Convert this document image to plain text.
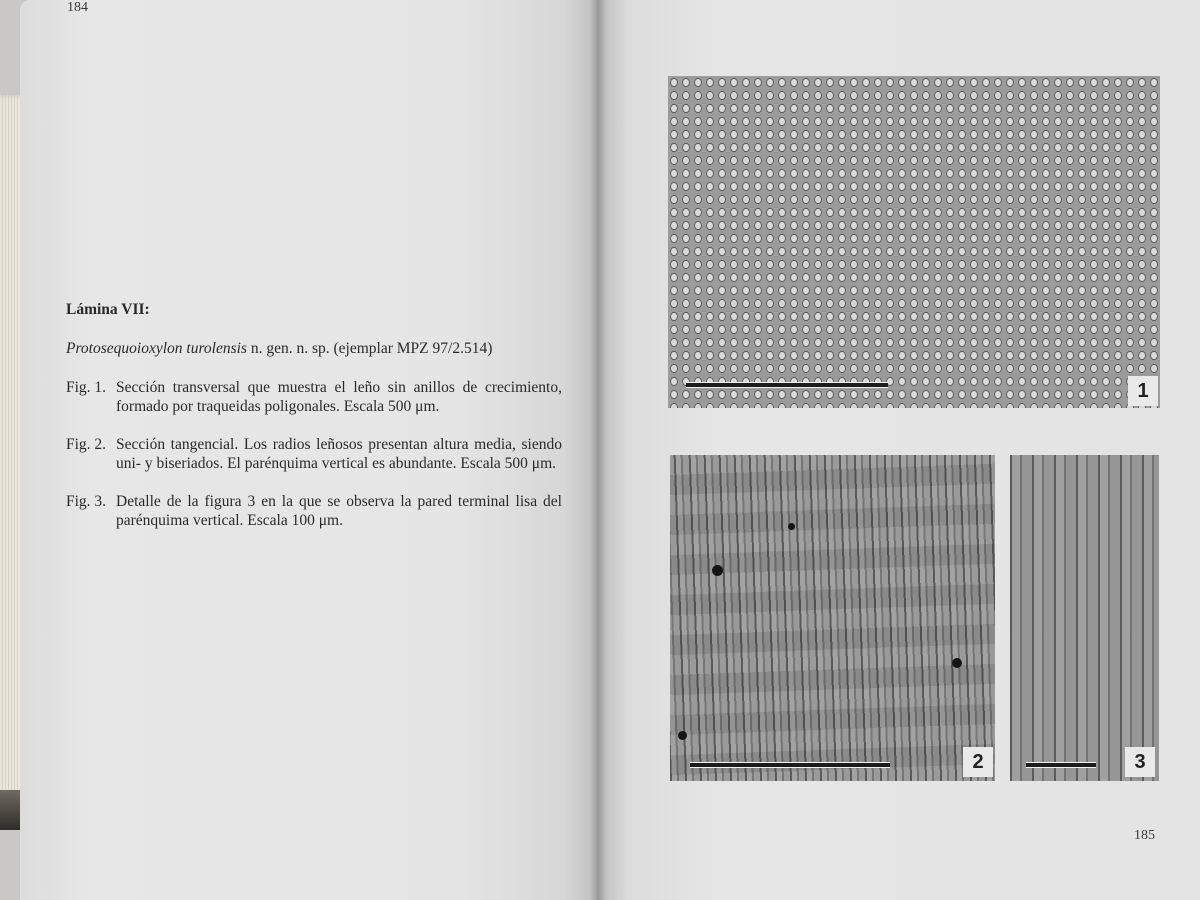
Lámina VII:

Protosequoioxylon turolensis n. gen. n. sp. (ejemplar MPZ 97/2.514)

Fig. 1. Sección transversal que muestra el leño sin anillos de crecimiento, formado por traqueidas poligonales. Escala 500 μm.
Fig. 2. Sección tangencial. Los radios leñosos presentan altura media, siendo uni- y biseriados. El parénquima vertical es abundante. Escala 500 μm.
Fig. 3. Detalle de la figura 3 en la que se observa la pared terminal lisa del parénquima vertical. Escala 100 μm.
184
1
2	3
185
